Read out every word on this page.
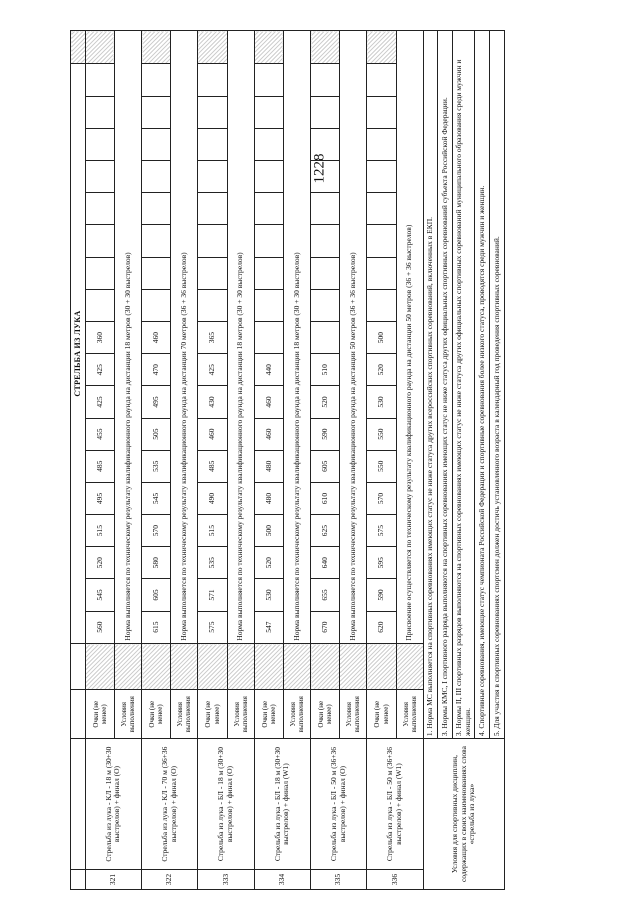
1228
				СТРЕЛЬБА ИЗ ЛУКА																		
321	Стрельба из лука - КЛ - 18 м (30+30 выстрелов) + финал (О)	Очки (не менее)		560	545	520	515	495	485	455	425	425	360									
		Условия выполнения		Норма выполняется по техническому результату квалификационного раунда на дистанции 18 метров (30 + 30 выстрелов)																		
322	Стрельба из лука - КЛ - 70 м (36+36 выстрелов) + финал (О)	Очки (не менее)		615	605	580	570	545	535	505	495	470	460									
		Условия выполнения		Норма выполняется по техническому результату квалификационного раунда на дистанции 70 метров (36 + 36 выстрелов)																		
333	Стрельба из лука - БЛ - 18 м (30+30 выстрелов) + финал (О)	Очки (не менее)		575	571	535	515	490	485	460	430	425	365									
		Условия выполнения		Норма выполняется по техническому результату квалификационного раунда на дистанции 18 метров (30 + 30 выстрелов)																		
334	Стрельба из лука - БЛ - 18 м (30+30 выстрелов) + финал (W1)	Очки (не менее)		547	530	520	500	480	480	460	460	440										
		Условия выполнения		Норма выполняется по техническому результату квалификационного раунда на дистанции 18 метров (30 + 30 выстрелов)																		
335	Стрельба из лука - БЛ - 50 м (36+36 выстрелов) + финал (О)	Очки (не менее)		670	655	640	625	610	605	590	520	510										
		Условия выполнения		Норма выполняется по техническому результату квалификационного раунда на дистанции 50 метров (36 + 36 выстрелов)																		
336	Стрельба из лука - БЛ - 50 м (36+36 выстрелов) + финал (W1)	Очки (не менее)		620	590	595	575	570	550	550	530	520	500									
		Условия выполнения		Присвоение осуществляется по техническому результату квалификационного раунда на дистанции 50 метров (36 + 36 выстрелов)																		
Условия для спортивных дисциплин, содержащих в своих наименованиях слова «стрельба из лука»		1. Норма МС выполняется на спортивных соревнованиях имеющих статус не ниже статуса других всероссийских спортивных соревнований, включенных в ЕКП.																				
		3. Нормы КМС, I спортивного разряда выполняются на спортивных соревнованиях имеющих статус не ниже статуса других официальных спортивных соревнований субъекта Российской Федерации.																				
		3. Нормы II, III спортивных разрядов выполняются на спортивных соревнованиях имеющих статус не ниже статуса других официальных спортивных соревнований муниципального образования среди мужчин и женщин.																				
		4. Спортивные соревнования, имеющие статус чемпионата Российской Федерации и спортивные соревнования более низкого статуса, проводятся среди мужчин и женщин.																				
		5. Для участия в спортивных соревнованиях спортсмен должен достичь установленного возраста в календарный год проведения спортивных соревнований.																				
